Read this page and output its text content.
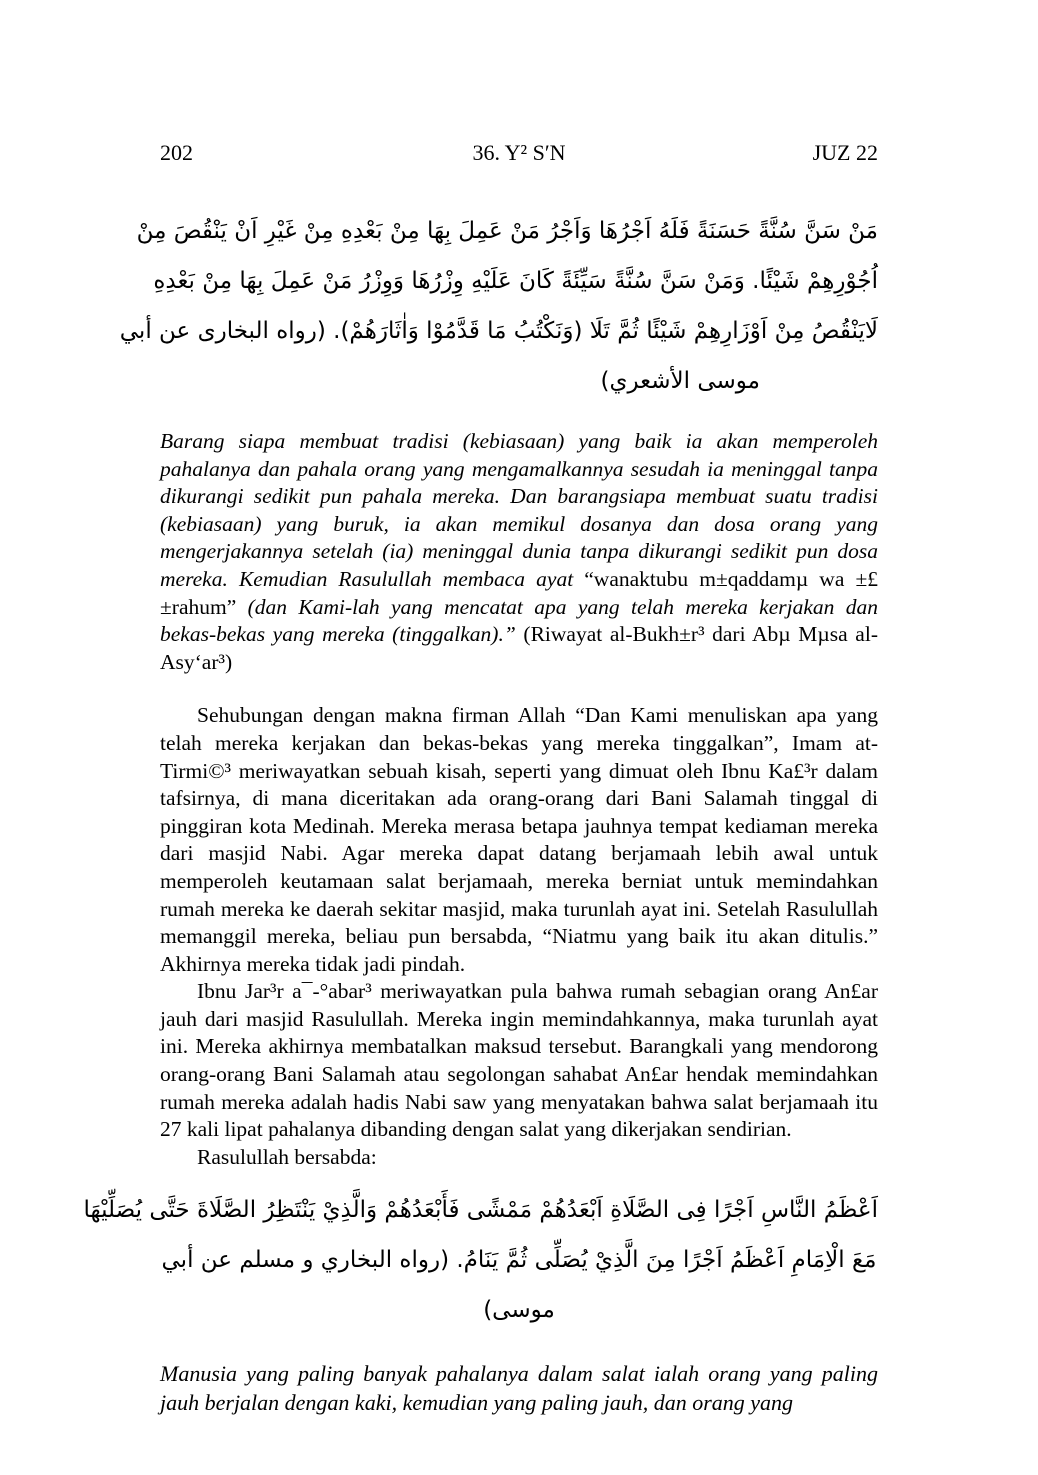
202	36. Y² S′N	JUZ 22
مَنْ سَنَّ سُنَّةً حَسَنَةً فَلَهُ اَجْرُهَا وَاَجْرُ مَنْ عَمِلَ بِهَا مِنْ بَعْدِهِ مِنْ غَيْرِ اَنْ يَنْقُصَ مِنْ
اُجُوْرِهِمْ شَيْئًا. وَمَنْ سَنَّ سُنَّةً سَيِّئَةً كَانَ عَلَيْهِ وِزْرُهَا وَوِزْرُ مَنْ عَمِلَ بِهَا مِنْ بَعْدِهِ
لَايَنْقُصُ مِنْ اَوْزَارِهِمْ شَيْئًا ثُمَّ تَلَا (وَنَكْتُبُ مَا قَدَّمُوْا وَاٰثَارَهُمْ). (رواه البخارى عن أبي
موسى الأشعري)

Barang siapa membuat tradisi (kebiasaan) yang baik ia akan memperoleh pahalanya dan pahala orang yang mengamalkannya sesudah ia meninggal tanpa dikurangi sedikit pun pahala mereka. Dan barangsiapa membuat suatu tradisi (kebiasaan) yang buruk, ia akan memikul dosanya dan dosa orang yang mengerjakannya setelah (ia) meninggal dunia tanpa dikurangi sedikit pun dosa mereka. Kemudian Rasulullah membaca ayat “wanaktubu m±qaddamµ wa ±£±rahum” (dan Kami-lah yang mencatat apa yang telah mereka kerjakan dan bekas-bekas yang mereka (tinggalkan).” (Riwayat al-Bukh±r³ dari Abµ Mµsa al-Asy‘ar³)

Sehubungan dengan makna firman Allah “Dan Kami menuliskan apa yang telah mereka kerjakan dan bekas-bekas yang mereka tinggalkan”, Imam at-Tirmi©³ meriwayatkan sebuah kisah, seperti yang dimuat oleh Ibnu Ka£³r dalam tafsirnya, di mana diceritakan ada orang-orang dari Bani Salamah tinggal di pinggiran kota Medinah. Mereka merasa betapa jauhnya tempat kediaman mereka dari masjid Nabi. Agar mereka dapat datang berjamaah lebih awal untuk memperoleh keutamaan salat berjamaah, mereka berniat untuk memindahkan rumah mereka ke daerah sekitar masjid, maka turunlah ayat ini. Setelah Rasulullah memanggil mereka, beliau pun bersabda, “Niatmu yang baik itu akan ditulis.” Akhirnya mereka tidak jadi pindah.

Ibnu Jar³r a¯-°abar³ meriwayatkan pula bahwa rumah sebagian orang An£ar jauh dari masjid Rasulullah. Mereka ingin memindahkannya, maka turunlah ayat ini. Mereka akhirnya membatalkan maksud tersebut. Barangkali yang mendorong orang-orang Bani Salamah atau segolongan sahabat An£ar hendak memindahkan rumah mereka adalah hadis Nabi saw yang menyatakan bahwa salat berjamaah itu 27 kali lipat pahalanya dibanding dengan salat yang dikerjakan sendirian.

Rasulullah bersabda:

اَعْظَمُ النَّاسِ اَجْرًا فِى الصَّلَاةِ اَبْعَدُهُمْ مَمْشًى فَأَبْعَدُهُمْ وَالَّذِيْ يَنْتَظِرُ الصَّلَاةَ حَتَّى يُصَلِّيْهَا
مَعَ الْاِمَامِ اَعْظَمُ اَجْرًا مِنَ الَّذِيْ يُصَلِّى ثُمَّ يَنَامُ. (رواه البخاري و مسلم عن أبي موسى)

Manusia yang paling banyak pahalanya dalam salat ialah orang yang paling jauh berjalan dengan kaki, kemudian yang paling jauh, dan orang yang
